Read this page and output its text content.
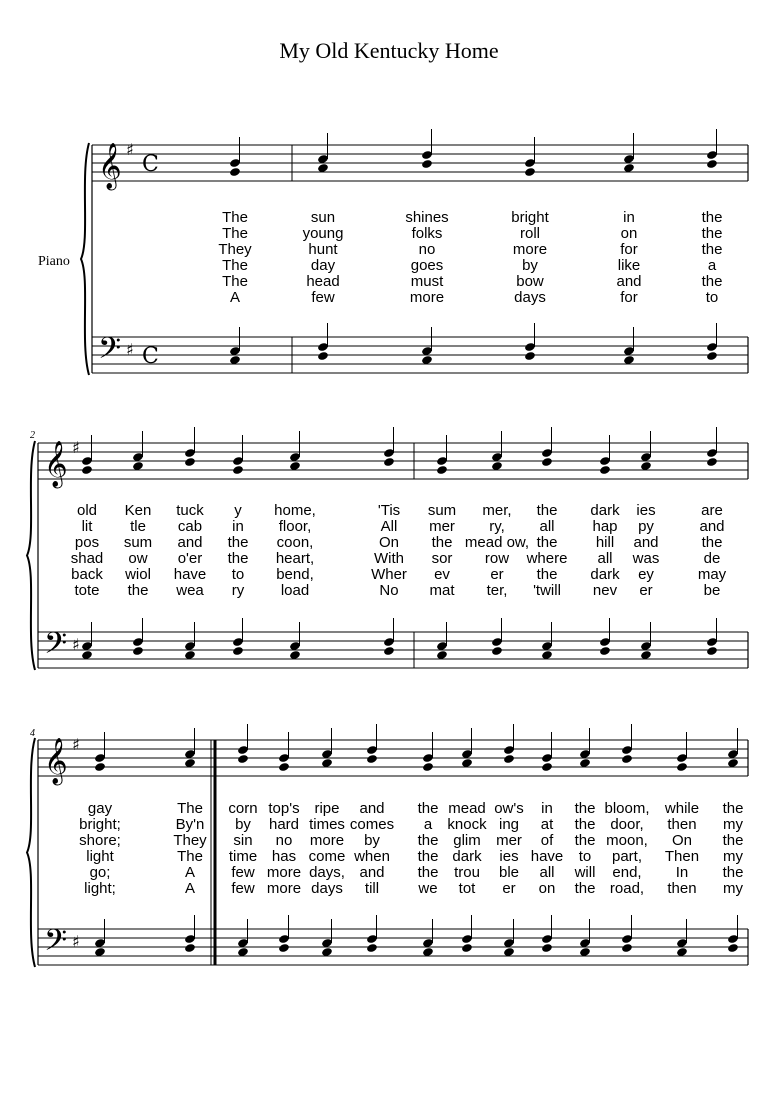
My Old Kentucky Home
Piano
2
4
𝄞
𝄢
♯
♯
C
C
The	sun	shines	bright	in	the
The	young	folks	roll	on	the
They	hunt	no	more	for	the
The	day	goes	by	like	a
The	head	must	bow	and	the
A	few	more	days	for	to
𝄞
𝄢
♯
♯
old Ken tuck y home,	'Tis sum mer, the dark ies	are
lit	tle cab in floor,	All mer ry, all	hap py	and
pos sum and the coon,	On the mead ow, the	hill and	the
shad ow o'er the heart,	With sor row where all was	de
back wiol have to bend,	Wher ev	er the dark ey	may
tote the wea ry load	No mat ter, 'twill nev er	be
𝄞
𝄢
♯
♯
gay	The corn top's ripe and the mead ow's in the bloom, while the
bright;	By'n by hard times comes a knock ing at the door, then my
shore;	They sin no more by	the glim mer of the moon, On the
light	The time has come when the dark ies have to part, Then my
go;	A few more days, and the trou ble all will end, In the
light;	A few more days till	we tot er on the road, then my
